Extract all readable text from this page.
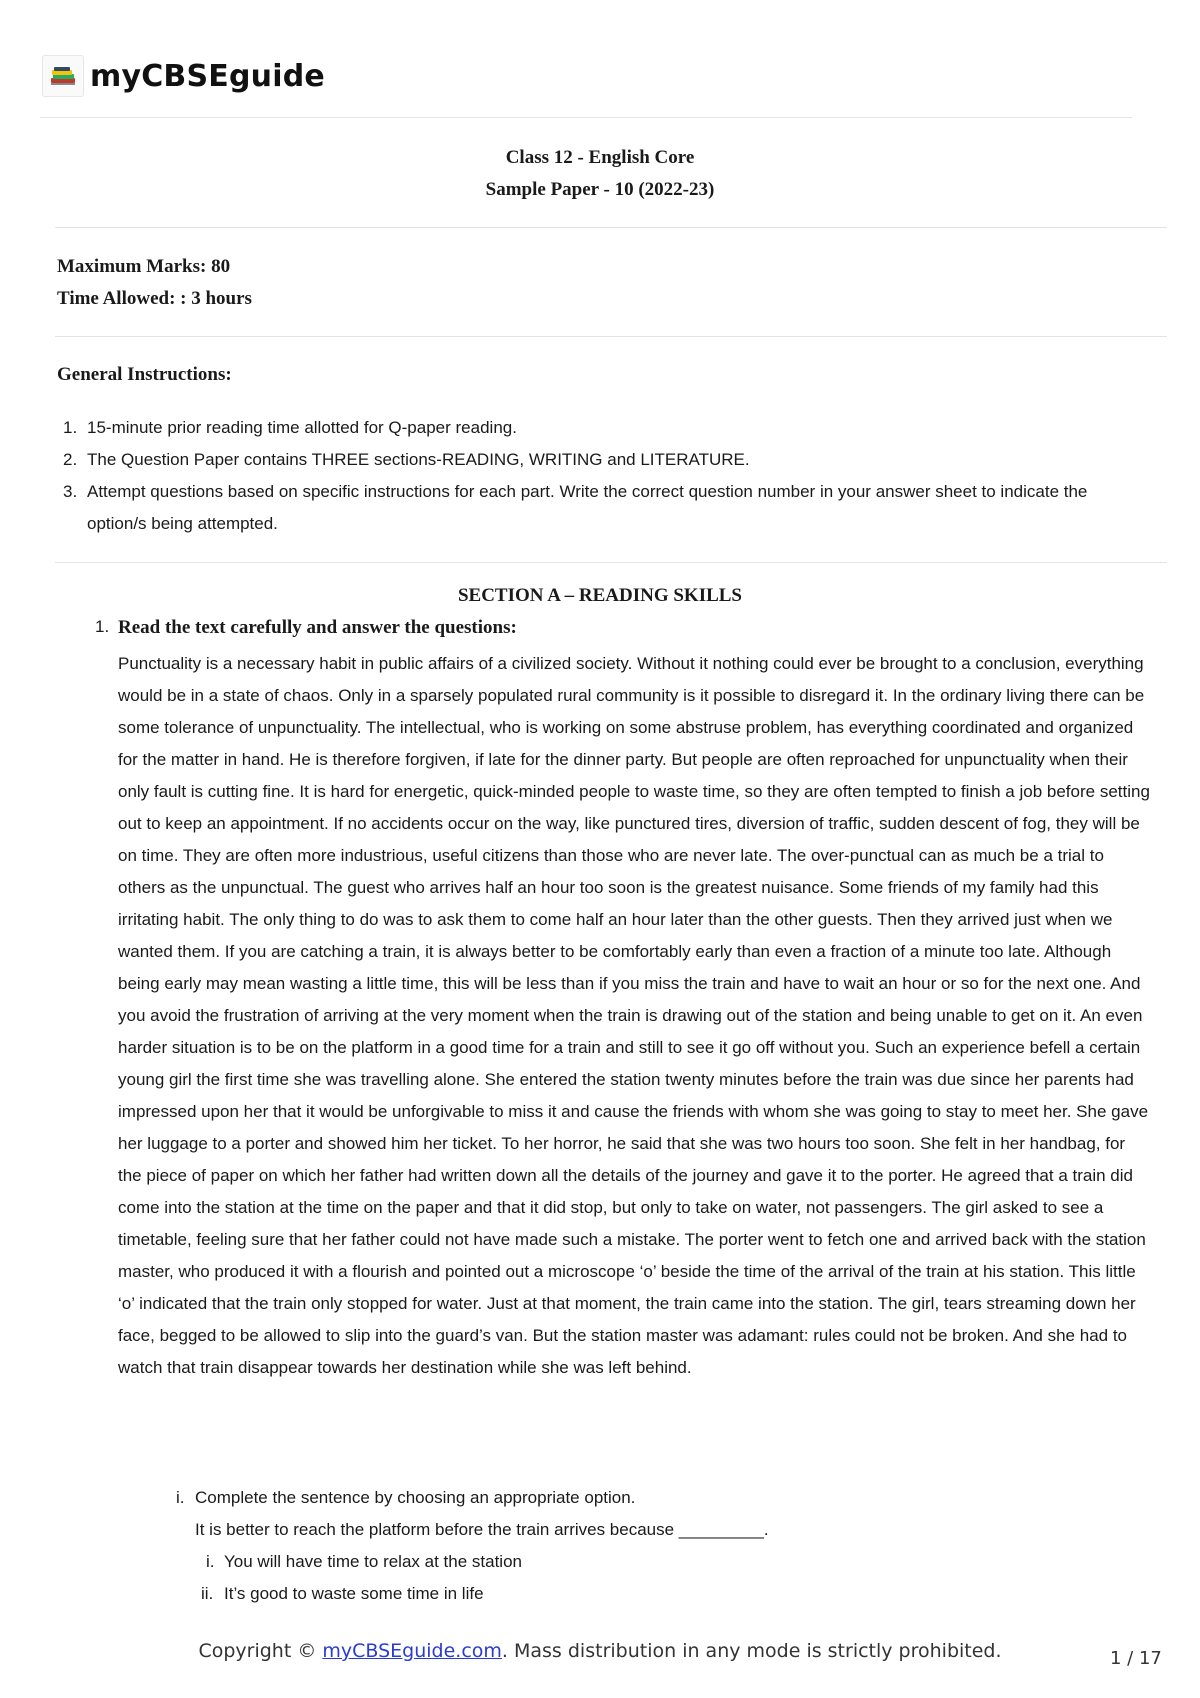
myCBSEguide
Class 12 - English Core
Sample Paper - 10 (2022-23)
Maximum Marks: 80
Time Allowed: : 3 hours
General Instructions:
1. 15-minute prior reading time allotted for Q-paper reading.
2. The Question Paper contains THREE sections-READING, WRITING and LITERATURE.
3. Attempt questions based on specific instructions for each part. Write the correct question number in your answer sheet to indicate the option/s being attempted.
SECTION A – READING SKILLS
1. Read the text carefully and answer the questions:
Punctuality is a necessary habit in public affairs of a civilized society. Without it nothing could ever be brought to a conclusion, everything would be in a state of chaos. Only in a sparsely populated rural community is it possible to disregard it. In the ordinary living there can be some tolerance of unpunctuality. The intellectual, who is working on some abstruse problem, has everything coordinated and organized for the matter in hand. He is therefore forgiven, if late for the dinner party. But people are often reproached for unpunctuality when their only fault is cutting fine. It is hard for energetic, quick-minded people to waste time, so they are often tempted to finish a job before setting out to keep an appointment. If no accidents occur on the way, like punctured tires, diversion of traffic, sudden descent of fog, they will be on time. They are often more industrious, useful citizens than those who are never late. The over-punctual can as much be a trial to others as the unpunctual. The guest who arrives half an hour too soon is the greatest nuisance. Some friends of my family had this irritating habit. The only thing to do was to ask them to come half an hour later than the other guests. Then they arrived just when we wanted them. If you are catching a train, it is always better to be comfortably early than even a fraction of a minute too late. Although being early may mean wasting a little time, this will be less than if you miss the train and have to wait an hour or so for the next one. And you avoid the frustration of arriving at the very moment when the train is drawing out of the station and being unable to get on it. An even harder situation is to be on the platform in a good time for a train and still to see it go off without you. Such an experience befell a certain young girl the first time she was travelling alone. She entered the station twenty minutes before the train was due since her parents had impressed upon her that it would be unforgivable to miss it and cause the friends with whom she was going to stay to meet her. She gave her luggage to a porter and showed him her ticket. To her horror, he said that she was two hours too soon. She felt in her handbag, for the piece of paper on which her father had written down all the details of the journey and gave it to the porter. He agreed that a train did come into the station at the time on the paper and that it did stop, but only to take on water, not passengers. The girl asked to see a timetable, feeling sure that her father could not have made such a mistake. The porter went to fetch one and arrived back with the station master, who produced it with a flourish and pointed out a microscope ‘o’ beside the time of the arrival of the train at his station. This little ‘o’ indicated that the train only stopped for water. Just at that moment, the train came into the station. The girl, tears streaming down her face, begged to be allowed to slip into the guard’s van. But the station master was adamant: rules could not be broken. And she had to watch that train disappear towards her destination while she was left behind.
i. Complete the sentence by choosing an appropriate option.
It is better to reach the platform before the train arrives because _________.
i. You will have time to relax at the station
ii. It’s good to waste some time in life
Copyright © myCBSEguide.com. Mass distribution in any mode is strictly prohibited.	1 / 17
